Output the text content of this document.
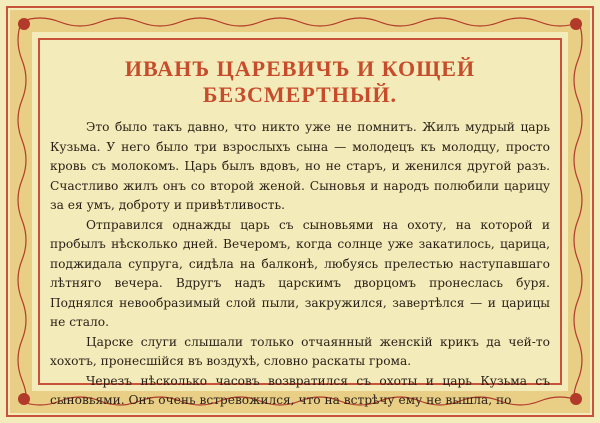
ИВАНЪ ЦАРЕВИЧЪ И КОЩЕЙ БЕЗСМЕРТНЫЙ.

Это было такъ давно, что никто уже не помнитъ. Жилъ мудрый царь Кузьма. У него было три взрослыхъ сына — молодецъ къ молодцу, просто кровь съ молокомъ. Царь былъ вдовъ, но не старъ, и женился другой разъ. Счастливо жилъ онъ со второй женой. Сыновья и народъ полюбили царицу за ея умъ, доброту и привѣтливость.

Отправился однажды царь съ сыновьями на охоту, на которой и пробылъ нѣсколько дней. Вечеромъ, когда солнце уже закатилось, царица, поджидала супруга, сидѣла на балконѣ, любуясь прелестью наступавшаго лѣтняго вечера. Вдругъ надъ царскимъ дворцомъ пронеслась буря. Поднялся невообразимый слой пыли, закружился, завертѣлся — и царицы не стало.

Царске слуги слышали только отчаянный женскій крикъ да чей-то хохотъ, пронесшійся въ воздухѣ, словно раскаты грома.

Черезъ нѣсколько часовъ возвратился съ охоты и царь Кузьма съ сыновьями. Онъ очень встревожился, что на встрѣчу ему не вышла, по
